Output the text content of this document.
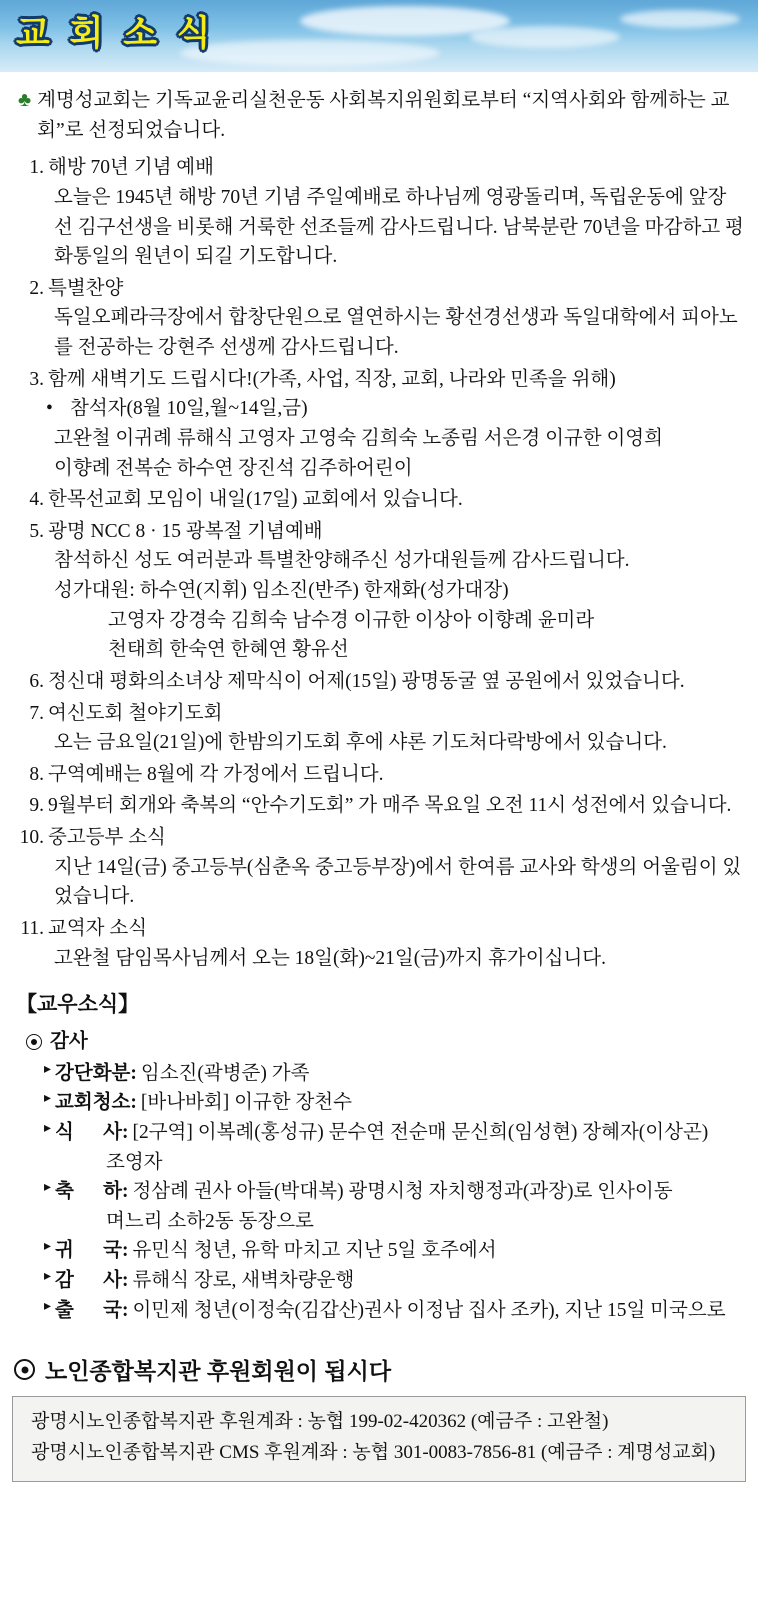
교 회 소 식
♣ 계명성교회는 기독교윤리실천운동 사회복지위원회로부터 “지역사회와 함께하는 교회”로 선정되었습니다.
1. 해방 70년 기념 예배
오늘은 1945년 해방 70년 기념 주일예배로 하나님께 영광돌리며, 독립운동에 앞장선 김구선생을 비롯해 거룩한 선조들께 감사드립니다. 남북분란 70년을 마감하고 평화통일의 원년이 되길 기도합니다.
2. 특별찬양
독일오페라극장에서 합창단원으로 열연하시는 황선경선생과 독일대학에서 피아노를 전공하는 강현주 선생께 감사드립니다.
3. 함께 새벽기도 드립시다!(가족, 사업, 직장, 교회, 나라와 민족을 위해)
• 참석자(8월 10일,월~14일,금)
고완철 이귀례 류해식 고영자 고영숙 김희숙 노종림 서은경 이규한 이영희
이향례 전복순 하수연 장진석 김주하어린이
4. 한목선교회 모임이 내일(17일) 교회에서 있습니다.
5. 광명 NCC 8 · 15 광복절 기념예배
참석하신 성도 여러분과 특별찬양해주신 성가대원들께 감사드립니다.
성가대원: 하수연(지휘) 임소진(반주) 한재화(성가대장)
고영자 강경숙 김희숙 남수경 이규한 이상아 이향례 윤미라
천태희 한숙연 한혜연 황유선
6. 정신대 평화의소녀상 제막식이 어제(15일) 광명동굴 옆 공원에서 있었습니다.
7. 여신도회 철야기도회
오는 금요일(21일)에 한밤의기도회 후에 샤론 기도처다락방에서 있습니다.
8. 구역예배는 8월에 각 가정에서 드립니다.
9. 9월부터 회개와 축복의 “안수기도회” 가 매주 목요일 오전 11시 성전에서 있습니다.
10. 중고등부 소식
지난 14일(금) 중고등부(심춘옥 중고등부장)에서 한여름 교사와 학생의 어울림이 있었습니다.
11. 교역자 소식
고완철 담임목사님께서 오는 18일(화)~21일(금)까지 휴가이십니다.
【교우소식】
감사
▸ 강단화분: 임소진(곽병준) 가족
▸ 교회청소: [바나바회] 이규한 장천수
▸ 식      사: [2구역] 이복례(홍성규) 문수연 전순매 문신희(임성현) 장혜자(이상곤)
조영자
▸ 축      하: 정삼례 권사 아들(박대복) 광명시청 자치행정과(과장)로 인사이동
며느리 소하2동 동장으로
▸ 귀      국: 유민식 청년, 유학 마치고 지난 5일 호주에서
▸ 감      사: 류해식 장로, 새벽차량운행
▸ 출      국: 이민제 청년(이정숙(김갑산)권사 이정남 집사 조카), 지난 15일 미국으로
노인종합복지관 후원회원이 됩시다
광명시노인종합복지관 후원계좌 : 농협 199-02-420362 (예금주 : 고완철)
광명시노인종합복지관 CMS 후원계좌 : 농협 301-0083-7856-81 (예금주 : 계명성교회)
